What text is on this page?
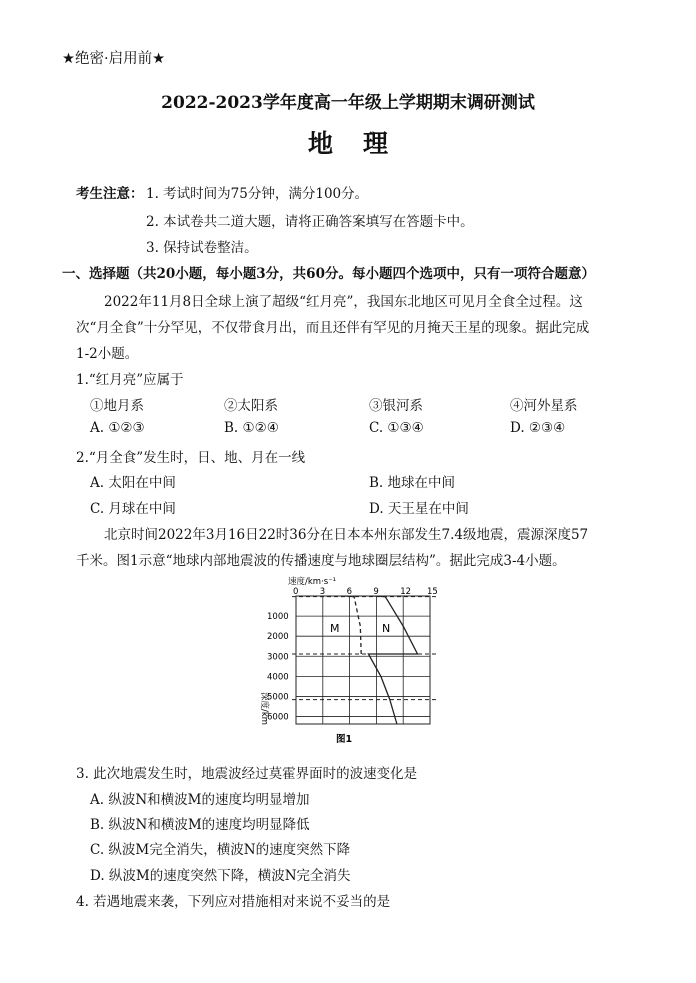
★绝密·启用前★
2022-2023学年度高一年级上学期期末调研测试
地理
考生注意： 1. 考试时间为75分钟，满分100分。
2. 本试卷共二道大题，请将正确答案填写在答题卡中。
3. 保持试卷整洁。
一、选择题（共20小题，每小题3分，共60分。每小题四个选项中，只有一项符合题意）
2022年11月8日全球上演了超级“红月亮”，我国东北地区可见月全食全过程。这
次“月全食”十分罕见，不仅带食月出，而且还伴有罕见的月掩天王星的现象。据此完成
1-2小题。
1.“红月亮”应属于
①地月系	②太阳系	③银河系	④河外星系
A. ①②③	B. ①②④	C. ①③④	D. ②③④
2.“月全食”发生时，日、地、月在一线
A. 太阳在中间	B. 地球在中间
C. 月球在中间	D. 天王星在中间
北京时间2022年3月16日22时36分在日本本州东部发生7.4级地震，震源深度57
千米。图1示意“地球内部地震波的传播速度与地球圈层结构”。据此完成3-4小题。
速度/km·s⁻¹
0	3	6	9	12 15
1000
2000
3000
4000
5000
6000
深度/km
M	N
图1
3. 此次地震发生时，地震波经过莫霍界面时的波速变化是
A. 纵波N和横波M的速度均明显增加
B. 纵波N和横波M的速度均明显降低
C. 纵波M完全消失，横波N的速度突然下降
D. 纵波M的速度突然下降，横波N完全消失
4. 若遇地震来袭，下列应对措施相对来说不妥当的是
